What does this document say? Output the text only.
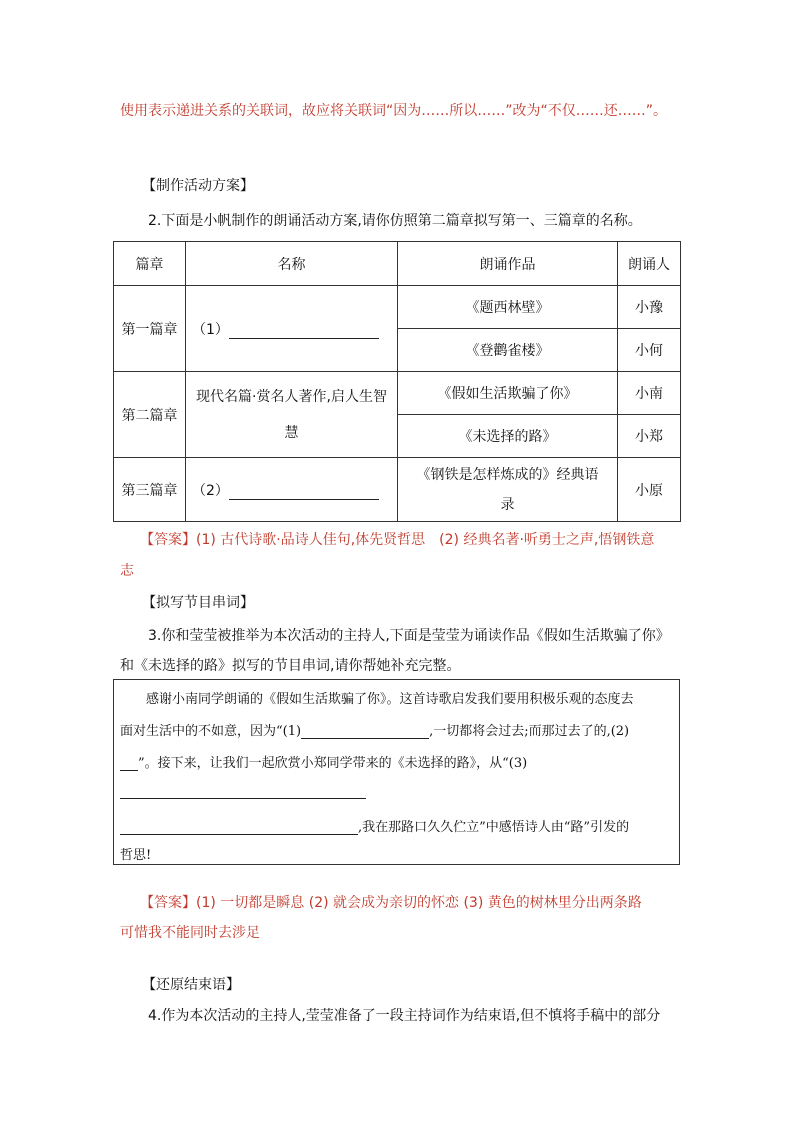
使用表示递进关系的关联词，故应将关联词“因为……所以……”改为“不仅……还……”。
【制作活动方案】
2.下面是小帆制作的朗诵活动方案,请你仿照第二篇章拟写第一、三篇章的名称。
篇章	名称	朗诵作品	朗诵人
第一篇章	（1）	《题西林壁》	小豫
		《登鹳雀楼》	小何
第二篇章	现代名篇·赏名人著作,启人生智慧	《假如生活欺骗了你》	小南
		《未选择的路》	小郑
第三篇章	（2）	《钢铁是怎样炼成的》经典语录	小原
【答案】(1) 古代诗歌·品诗人佳句,体先贤哲思　(2) 经典名著·听勇士之声,悟钢铁意
志
【拟写节目串词】
3.你和莹莹被推举为本次活动的主持人,下面是莹莹为诵读作品《假如生活欺骗了你》
和《未选择的路》拟写的节目串词,请你帮她补充完整。
感谢小南同学朗诵的《假如生活欺骗了你》。这首诗歌启发我们要用积极乐观的态度去
面对生活中的不如意，因为“(1)	,一切都将会过去;而那过去了的,(2)
”。接下来，让我们一起欣赏小郑同学带来的《未选择的路》，从“(3)
,我在那路口久久伫立”中感悟诗人由“路”引发的
哲思!
【答案】(1) 一切都是瞬息 (2) 就会成为亲切的怀恋 (3) 黄色的树林里分出两条路
可惜我不能同时去涉足
【还原结束语】
4.作为本次活动的主持人,莹莹准备了一段主持词作为结束语,但不慎将手稿中的部分
